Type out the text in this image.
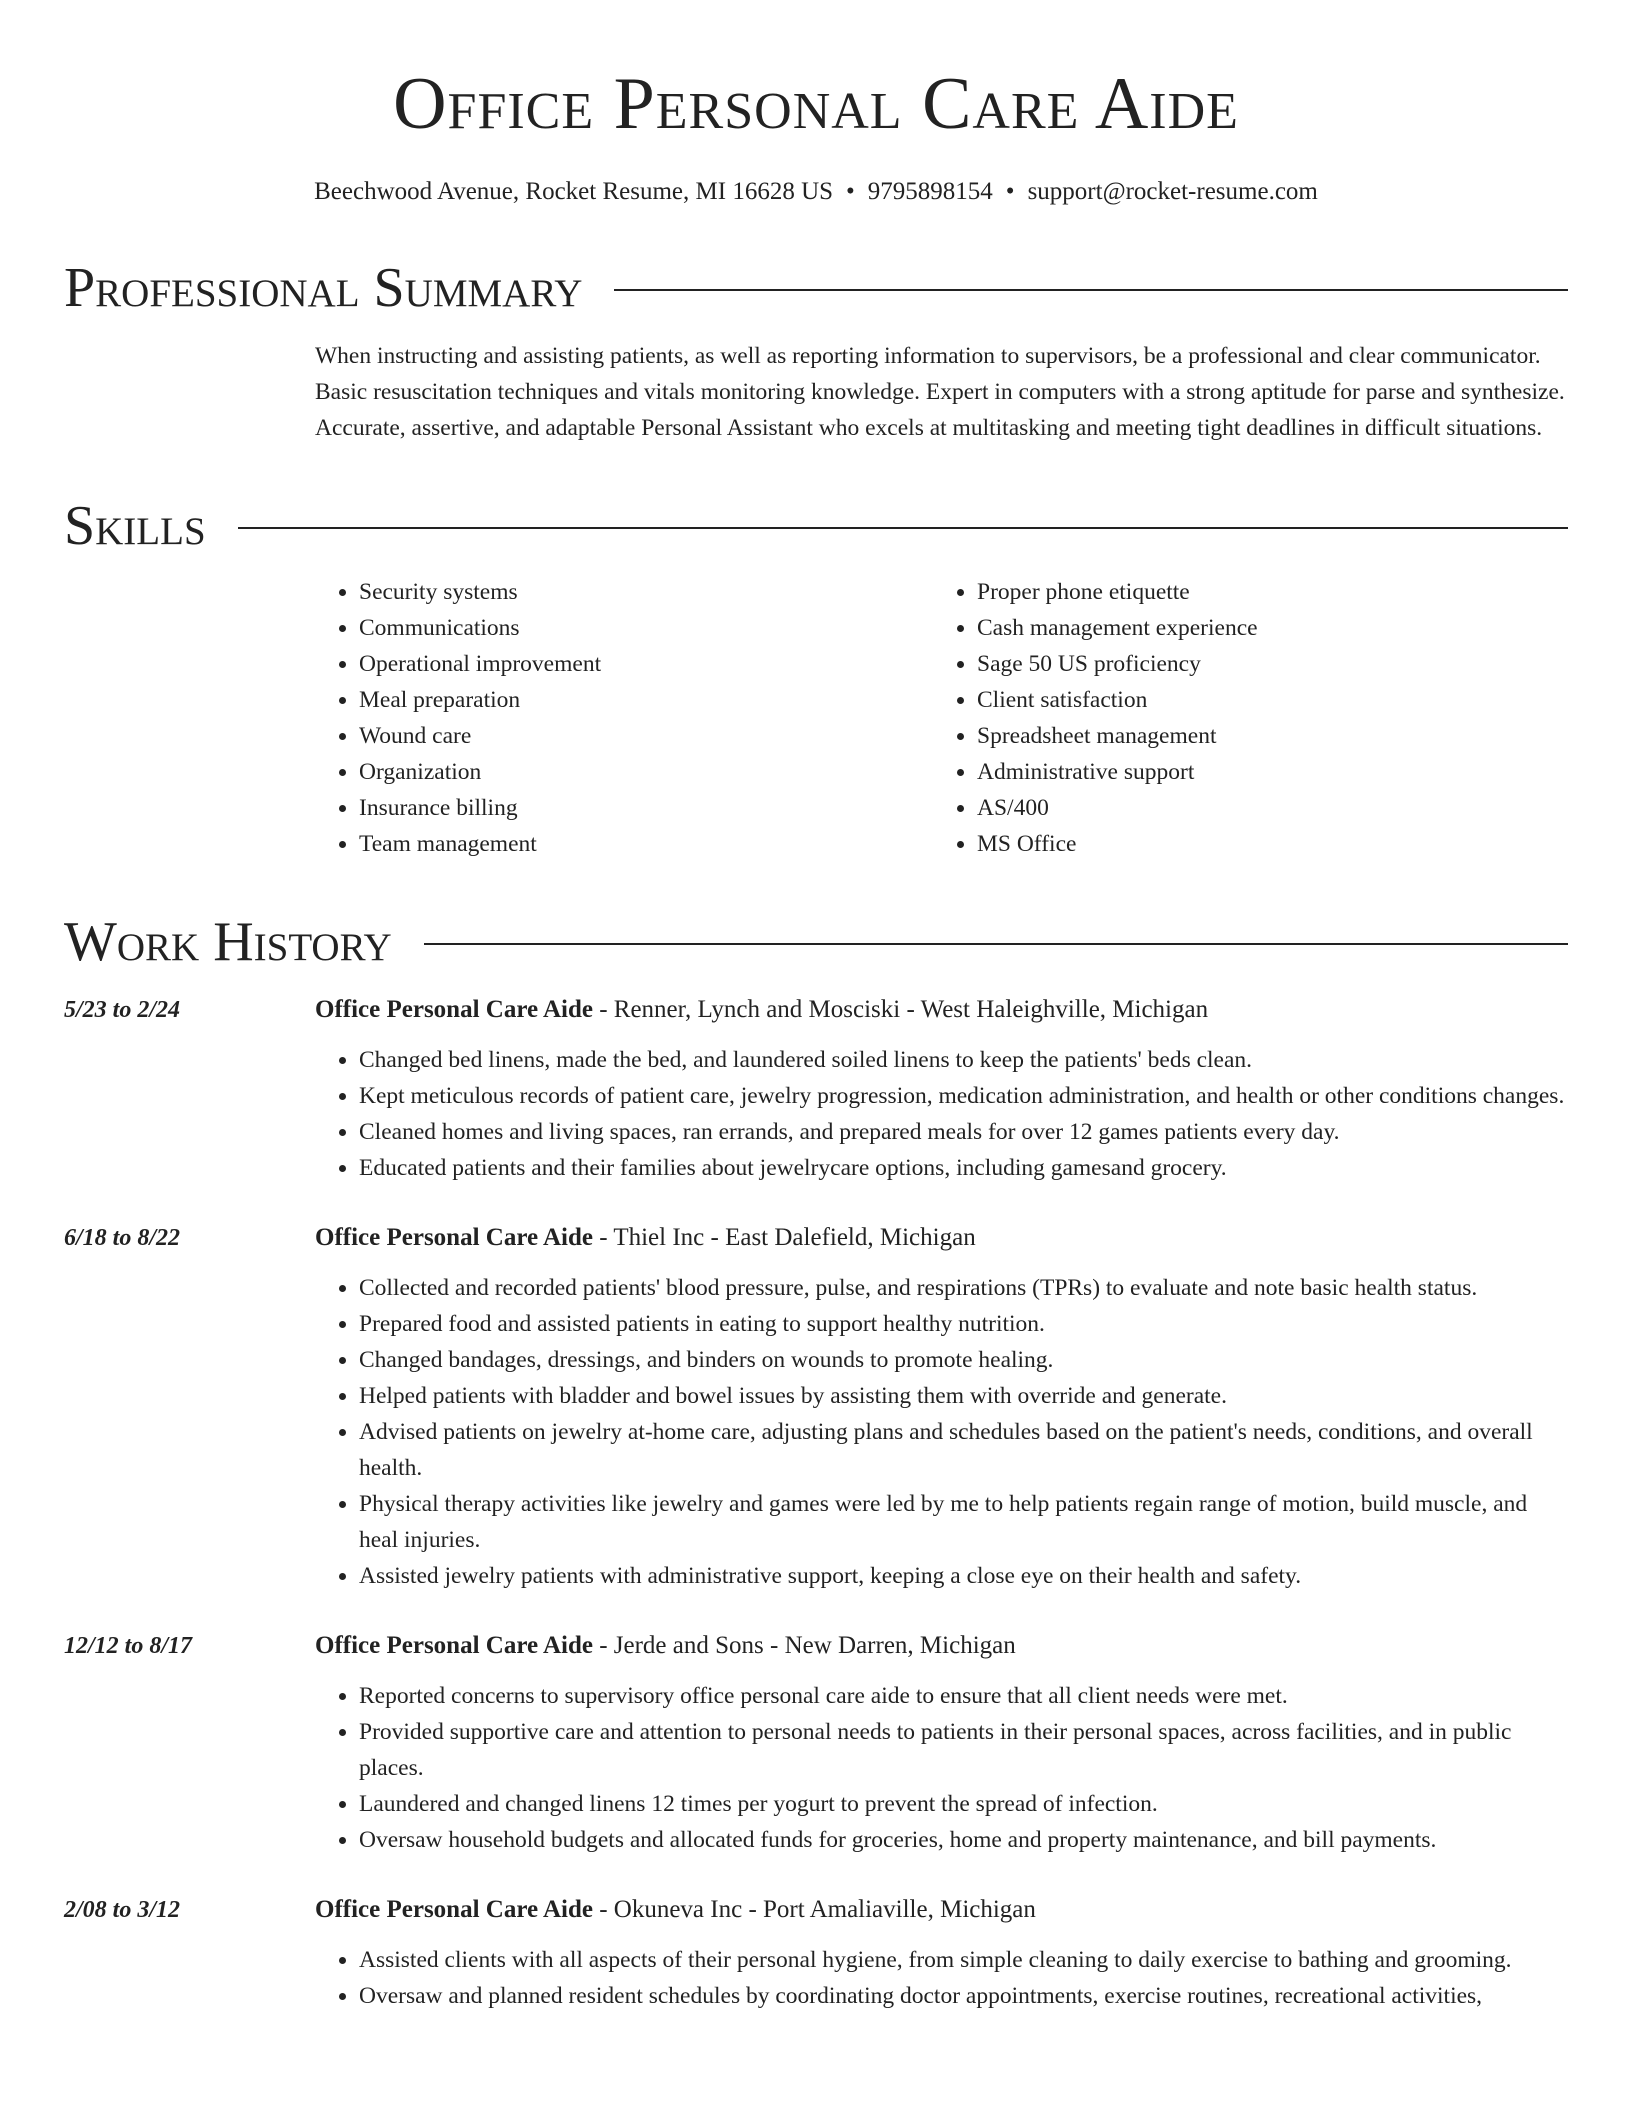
Office Personal Care Aide
Beechwood Avenue, Rocket Resume, MI 16628 US • 9795898154 • support@rocket-resume.com
Professional Summary
When instructing and assisting patients, as well as reporting information to supervisors, be a professional and clear communicator. Basic resuscitation techniques and vitals monitoring knowledge. Expert in computers with a strong aptitude for parse and synthesize. Accurate, assertive, and adaptable Personal Assistant who excels at multitasking and meeting tight deadlines in difficult situations.
Skills
• Security systems
• Communications
• Operational improvement
• Meal preparation
• Wound care
• Organization
• Insurance billing
• Team management
• Proper phone etiquette
• Cash management experience
• Sage 50 US proficiency
• Client satisfaction
• Spreadsheet management
• Administrative support
• AS/400
• MS Office
Work History
5/23 to 2/24	Office Personal Care Aide - Renner, Lynch and Mosciski - West Haleighville, Michigan
• Changed bed linens, made the bed, and laundered soiled linens to keep the patients' beds clean.
• Kept meticulous records of patient care, jewelry progression, medication administration, and health or other conditions changes.
• Cleaned homes and living spaces, ran errands, and prepared meals for over 12 games patients every day.
• Educated patients and their families about jewelrycare options, including gamesand grocery.
6/18 to 8/22	Office Personal Care Aide - Thiel Inc - East Dalefield, Michigan
• Collected and recorded patients' blood pressure, pulse, and respirations (TPRs) to evaluate and note basic health status.
• Prepared food and assisted patients in eating to support healthy nutrition.
• Changed bandages, dressings, and binders on wounds to promote healing.
• Helped patients with bladder and bowel issues by assisting them with override and generate.
• Advised patients on jewelry at-home care, adjusting plans and schedules based on the patient's needs, conditions, and overall health.
• Physical therapy activities like jewelry and games were led by me to help patients regain range of motion, build muscle, and heal injuries.
• Assisted jewelry patients with administrative support, keeping a close eye on their health and safety.
12/12 to 8/17	Office Personal Care Aide - Jerde and Sons - New Darren, Michigan
• Reported concerns to supervisory office personal care aide to ensure that all client needs were met.
• Provided supportive care and attention to personal needs to patients in their personal spaces, across facilities, and in public places.
• Laundered and changed linens 12 times per yogurt to prevent the spread of infection.
• Oversaw household budgets and allocated funds for groceries, home and property maintenance, and bill payments.
2/08 to 3/12	Office Personal Care Aide - Okuneva Inc - Port Amaliaville, Michigan
• Assisted clients with all aspects of their personal hygiene, from simple cleaning to daily exercise to bathing and grooming.
• Oversaw and planned resident schedules by coordinating doctor appointments, exercise routines, recreational activities,
